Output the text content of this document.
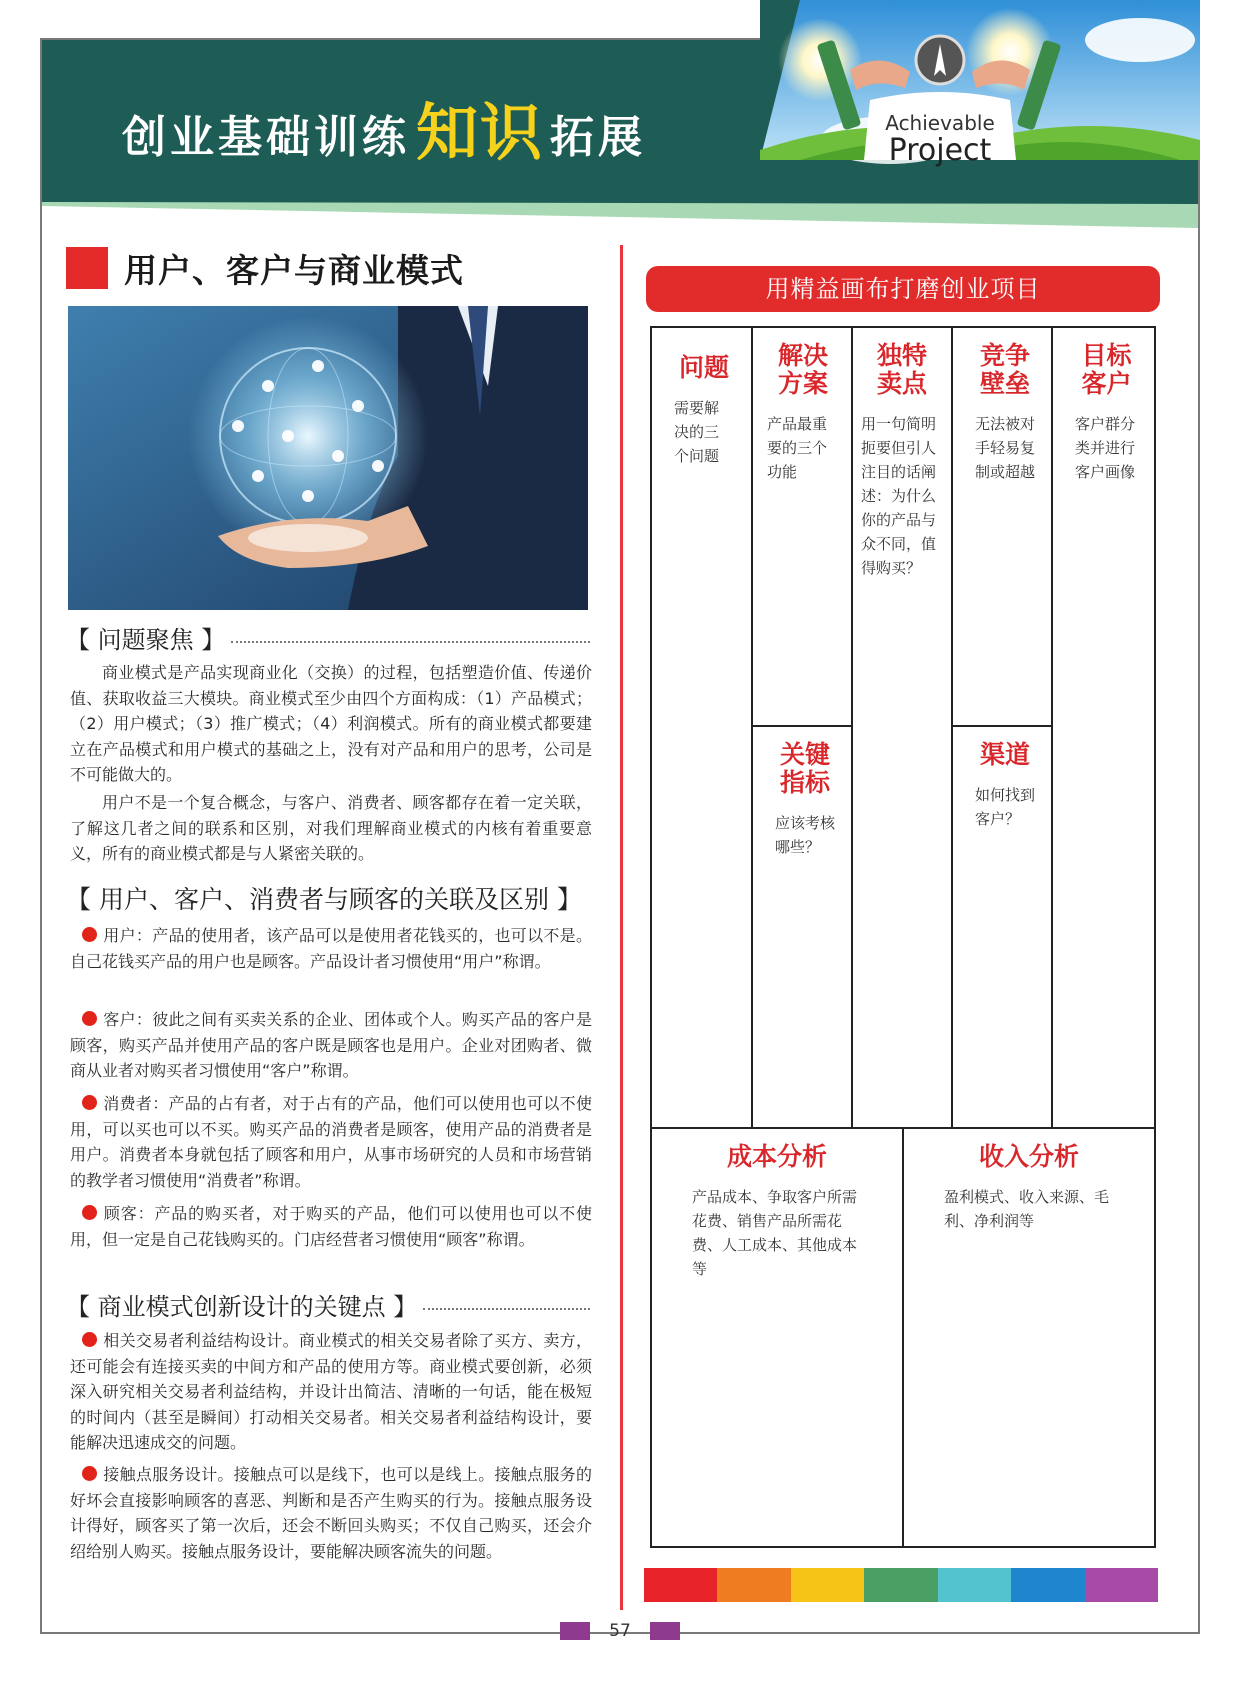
创业基础训练 知识 拓展	Achievable
Project
用户、客户与商业模式
【 问题聚焦 】

商业模式是产品实现商业化（交换）的过程，包括塑造价值、传递价值、获取收益三大模块。商业模式至少由四个方面构成：（1）产品模式；（2）用户模式；（3）推广模式；（4）利润模式。所有的商业模式都要建立在产品模式和用户模式的基础之上，没有对产品和用户的思考，公司是不可能做大的。

用户不是一个复合概念，与客户、消费者、顾客都存在着一定关联，了解这几者之间的联系和区别，对我们理解商业模式的内核有着重要意义，所有的商业模式都是与人紧密关联的。

【 用户、客户、消费者与顾客的关联及区别 】

用户：产品的使用者，该产品可以是使用者花钱买的，也可以不是。自己花钱买产品的用户也是顾客。产品设计者习惯使用“用户”称谓。

客户：彼此之间有买卖关系的企业、团体或个人。购买产品的客户是顾客，购买产品并使用产品的客户既是顾客也是用户。企业对团购者、微商从业者对购买者习惯使用“客户”称谓。

消费者：产品的占有者，对于占有的产品，他们可以使用也可以不使用，可以买也可以不买。购买产品的消费者是顾客，使用产品的消费者是用户。消费者本身就包括了顾客和用户，从事市场研究的人员和市场营销的教学者习惯使用“消费者”称谓。

顾客：产品的购买者，对于购买的产品，他们可以使用也可以不使用，但一定是自己花钱购买的。门店经营者习惯使用“顾客”称谓。

【 商业模式创新设计的关键点 】

相关交易者利益结构设计。商业模式的相关交易者除了买方、卖方，还可能会有连接买卖的中间方和产品的使用方等。商业模式要创新，必须深入研究相关交易者利益结构，并设计出简洁、清晰的一句话，能在极短的时间内（甚至是瞬间）打动相关交易者。相关交易者利益结构设计，要能解决迅速成交的问题。

接触点服务设计。接触点可以是线下，也可以是线上。接触点服务的好坏会直接影响顾客的喜恶、判断和是否产生购买的行为。接触点服务设计得好，顾客买了第一次后，还会不断回头购买；不仅自己购买，还会介绍给别人购买。接触点服务设计，要能解决顾客流失的问题。

用精益画布打磨创业项目
问题
需要解决的三个问题
解决方案
产品最重要的三个功能
独特卖点
用一句简明扼要但引人注目的话阐述：为什么你的产品与众不同，值得购买？
竞争壁垒
无法被对手轻易复制或超越
目标客户
客户群分类并进行客户画像
关键指标
应该考核哪些？
渠道
如何找到客户？
成本分析
产品成本、争取客户所需花费、销售产品所需花费、人工成本、其他成本等
收入分析
盈利模式、收入来源、毛利、净利润等
57
